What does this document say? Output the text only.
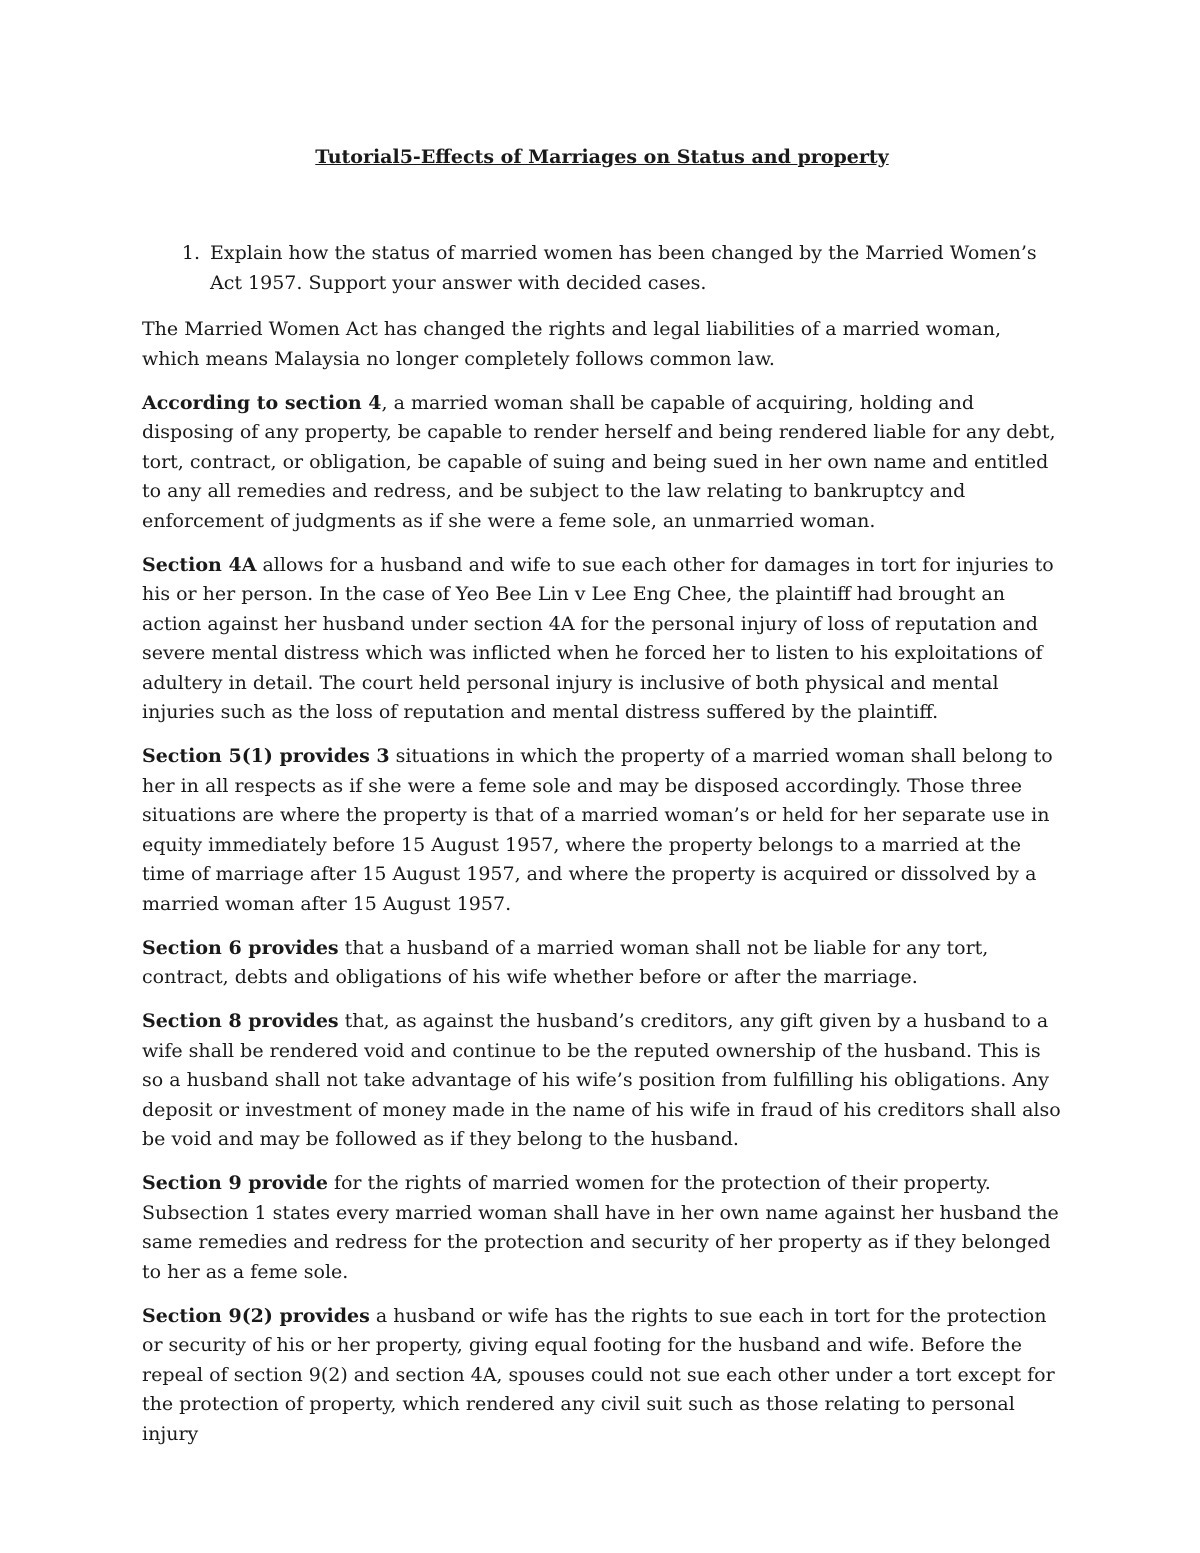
Tutorial5-Effects of Marriages on Status and property
1. Explain how the status of married women has been changed by the Married Women’s Act 1957. Support your answer with decided cases.

The Married Women Act has changed the rights and legal liabilities of a married woman, which means Malaysia no longer completely follows common law.

According to section 4, a married woman shall be capable of acquiring, holding and disposing of any property, be capable to render herself and being rendered liable for any debt, tort, contract, or obligation, be capable of suing and being sued in her own name and entitled to any all remedies and redress, and be subject to the law relating to bankruptcy and enforcement of judgments as if she were a feme sole, an unmarried woman.

Section 4A allows for a husband and wife to sue each other for damages in tort for injuries to his or her person. In the case of Yeo Bee Lin v Lee Eng Chee, the plaintiff had brought an action against her husband under section 4A for the personal injury of loss of reputation and severe mental distress which was inflicted when he forced her to listen to his exploitations of adultery in detail. The court held personal injury is inclusive of both physical and mental injuries such as the loss of reputation and mental distress suffered by the plaintiff.

Section 5(1) provides 3 situations in which the property of a married woman shall belong to her in all respects as if she were a feme sole and may be disposed accordingly. Those three situations are where the property is that of a married woman’s or held for her separate use in equity immediately before 15 August 1957, where the property belongs to a married at the time of marriage after 15 August 1957, and where the property is acquired or dissolved by a married woman after 15 August 1957.

Section 6 provides that a husband of a married woman shall not be liable for any tort, contract, debts and obligations of his wife whether before or after the marriage.

Section 8 provides that, as against the husband’s creditors, any gift given by a husband to a wife shall be rendered void and continue to be the reputed ownership of the husband. This is so a husband shall not take advantage of his wife’s position from fulfilling his obligations. Any deposit or investment of money made in the name of his wife in fraud of his creditors shall also be void and may be followed as if they belong to the husband.

Section 9 provide for the rights of married women for the protection of their property. Subsection 1 states every married woman shall have in her own name against her husband the same remedies and redress for the protection and security of her property as if they belonged to her as a feme sole.

Section 9(2) provides a husband or wife has the rights to sue each in tort for the protection or security of his or her property, giving equal footing for the husband and wife. Before the repeal of section 9(2) and section 4A, spouses could not sue each other under a tort except for the protection of property, which rendered any civil suit such as those relating to personal injury
